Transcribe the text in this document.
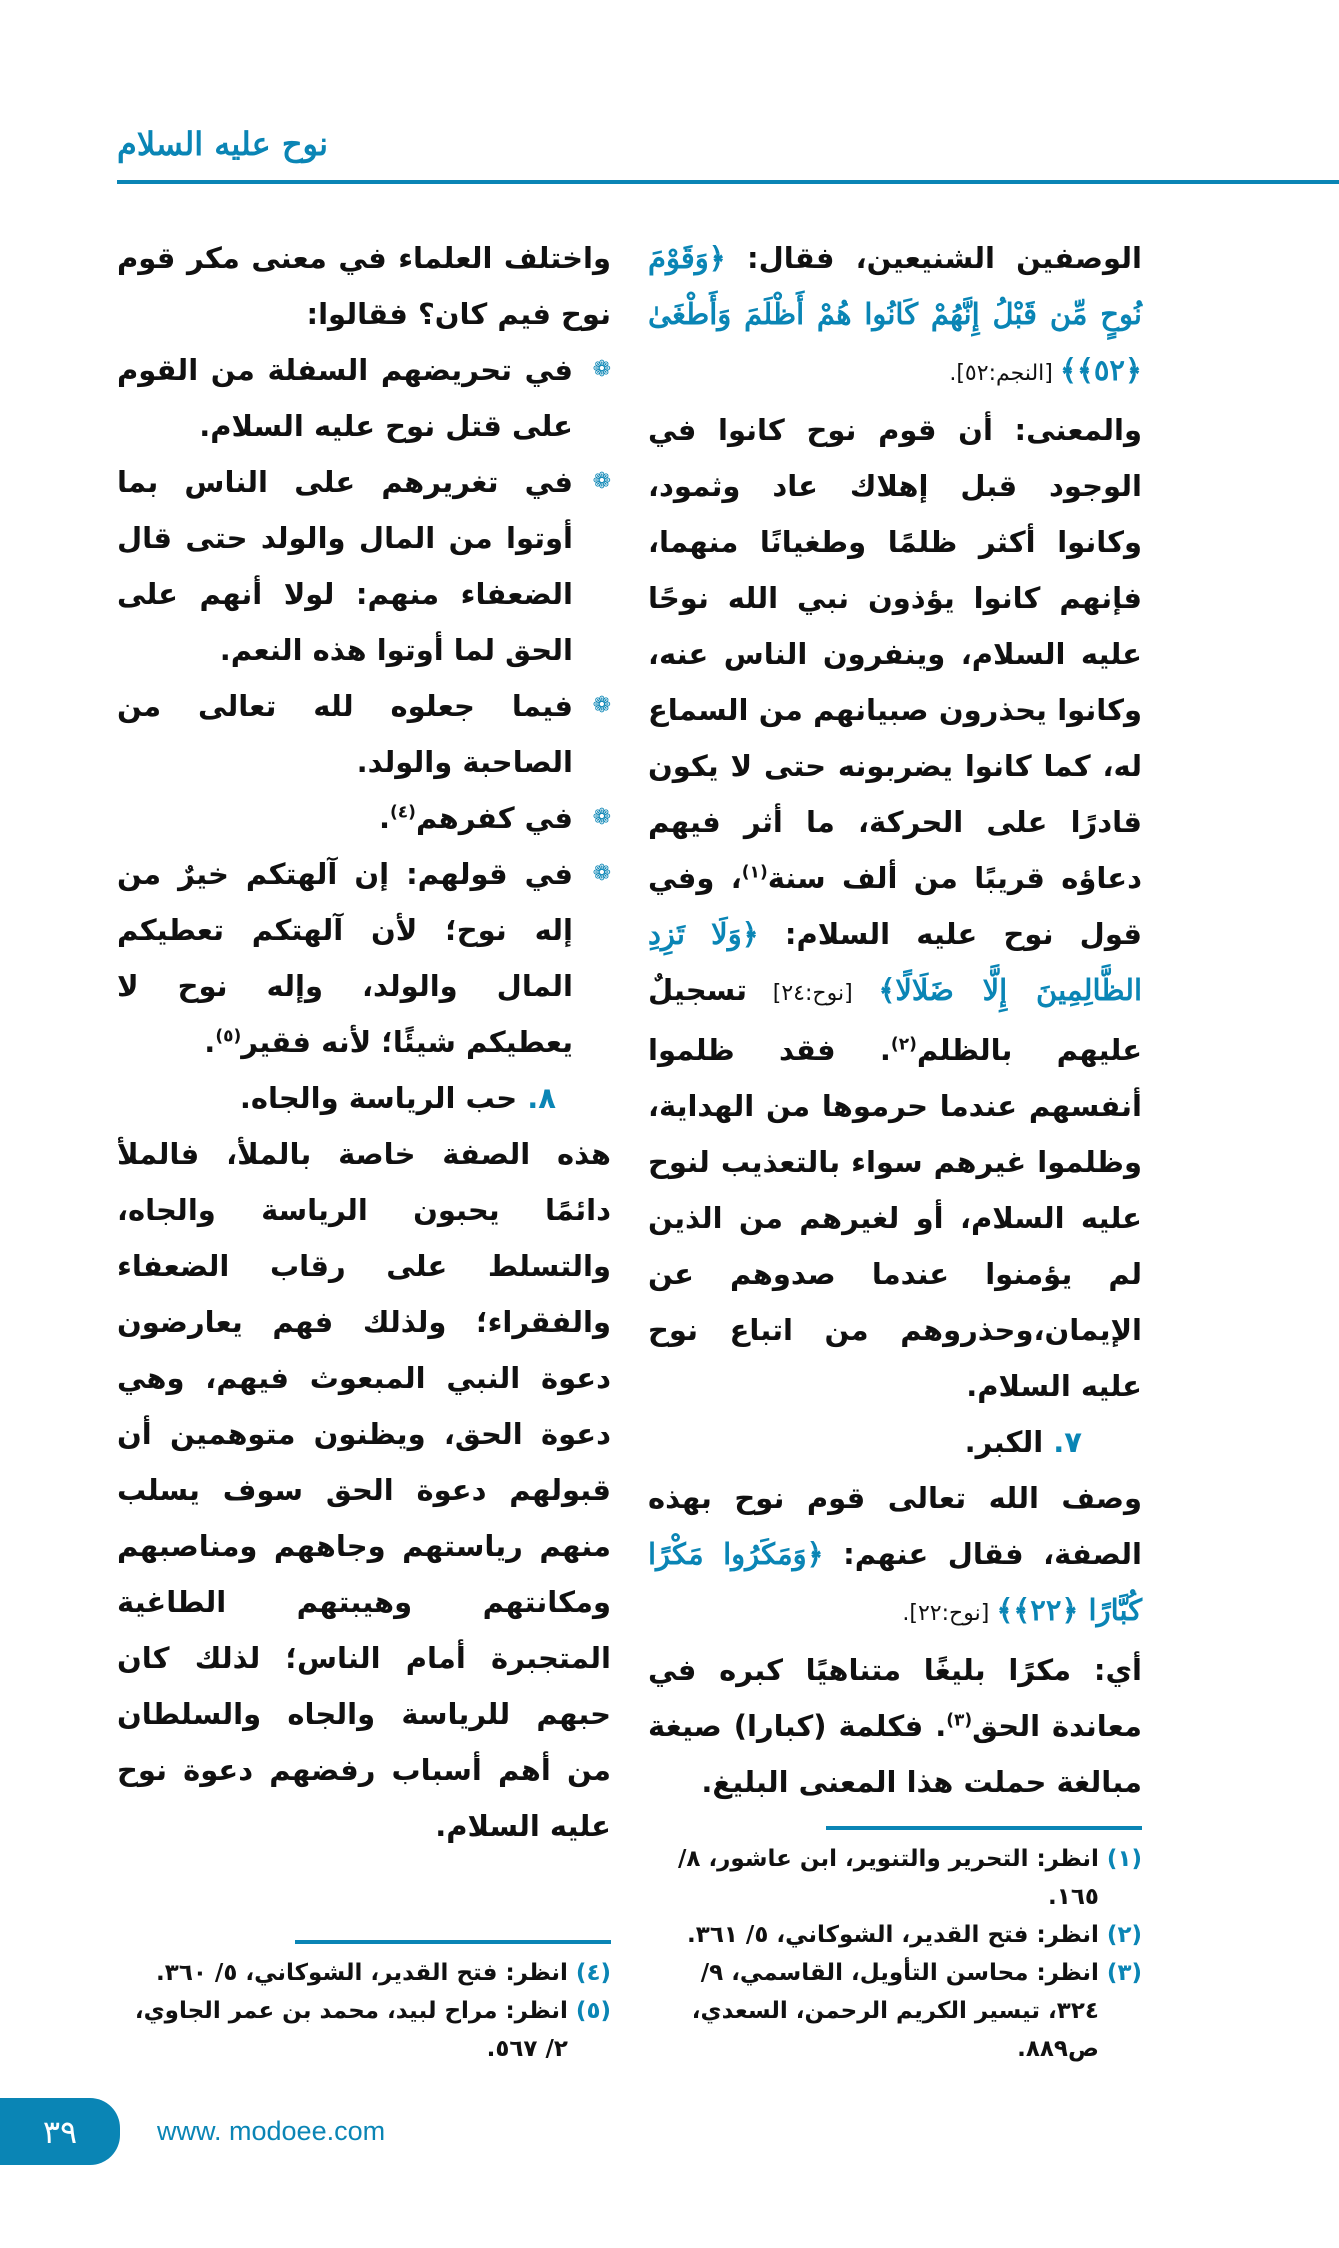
نوح عليه السلام

الوصفين الشنيعين، فقال: ﴿وَقَوْمَ نُوحٍ مِّن قَبْلُ إِنَّهُمْ كَانُوا هُمْ أَظْلَمَ وَأَطْغَىٰ ﴿٥٢﴾﴾ [النجم:٥٢].

والمعنى: أن قوم نوح كانوا في الوجود قبل إهلاك عاد وثمود، وكانوا أكثر ظلمًا وطغيانًا منهما، فإنهم كانوا يؤذون نبي الله نوحًا عليه السلام، وينفرون الناس عنه، وكانوا يحذرون صبيانهم من السماع له، كما كانوا يضربونه حتى لا يكون قادرًا على الحركة، ما أثر فيهم دعاؤه قريبًا من ألف سنة$^{(١)}$، وفي قول نوح عليه السلام: ﴿وَلَا تَزِدِ الظَّالِمِينَ إِلَّا ضَلَالًا﴾ [نوح:٢٤] تسجيلٌ عليهم بالظلم$^{(٢)}$. فقد ظلموا أنفسهم عندما حرموها من الهداية، وظلموا غيرهم سواء بالتعذيب لنوح عليه السلام، أو لغيرهم من الذين لم يؤمنوا عندما صدوهم عن الإيمان،وحذروهم من اتباع نوح عليه السلام.

٧. الكبر.

وصف الله تعالى قوم نوح بهذه الصفة، فقال عنهم: ﴿وَمَكَرُوا مَكْرًا كُبَّارًا ﴿٢٢﴾﴾ [نوح:٢٢].

أي: مكرًا بليغًا متناهيًا كبره في معاندة الحق$^{(٣)}$. فكلمة (كبارا) صيغة مبالغة حملت هذا المعنى البليغ.

(١)
انظر: التحرير والتنوير، ابن عاشور، ٨/ ١٦٥.
(٢)
انظر: فتح القدير، الشوكاني، ٥/ ٣٦١.
(٣)
انظر: محاسن التأويل، القاسمي، ٩/ ٣٢٤، تيسير الكريم الرحمن، السعدي، ص٨٨٩.

واختلف العلماء في معنى مكر قوم نوح فيم كان؟ فقالوا:

❁
في تحريضهم السفلة من القوم على قتل نوح عليه السلام.
❁
في تغريرهم على الناس بما أوتوا من المال والولد حتى قال الضعفاء منهم: لولا أنهم على الحق لما أوتوا هذه النعم.
❁
فيما جعلوه لله تعالى من الصاحبة والولد.
❁
في كفرهم$^{(٤)}$.
❁
في قولهم: إن آلهتكم خيرٌ من إله نوح؛ لأن آلهتكم تعطيكم المال والولد، وإله نوح لا يعطيكم شيئًا؛ لأنه فقير$^{(٥)}$.

٨. حب الرياسة والجاه.

هذه الصفة خاصة بالملأ، فالملأ دائمًا يحبون الرياسة والجاه، والتسلط على رقاب الضعفاء والفقراء؛ ولذلك فهم يعارضون دعوة النبي المبعوث فيهم، وهي دعوة الحق، ويظنون متوهمين أن قبولهم دعوة الحق سوف يسلب منهم رياستهم وجاههم ومناصبهم ومكانتهم وهيبتهم الطاغية المتجبرة أمام الناس؛ لذلك كان حبهم للرياسة والجاه والسلطان من أهم أسباب رفضهم دعوة نوح عليه السلام.

(٤)
انظر: فتح القدير، الشوكاني، ٥/ ٣٦٠.
(٥)
انظر: مراح لبيد، محمد بن عمر الجاوي، ٢/ ٥٦٧.
٣٩	www. modoee.com
